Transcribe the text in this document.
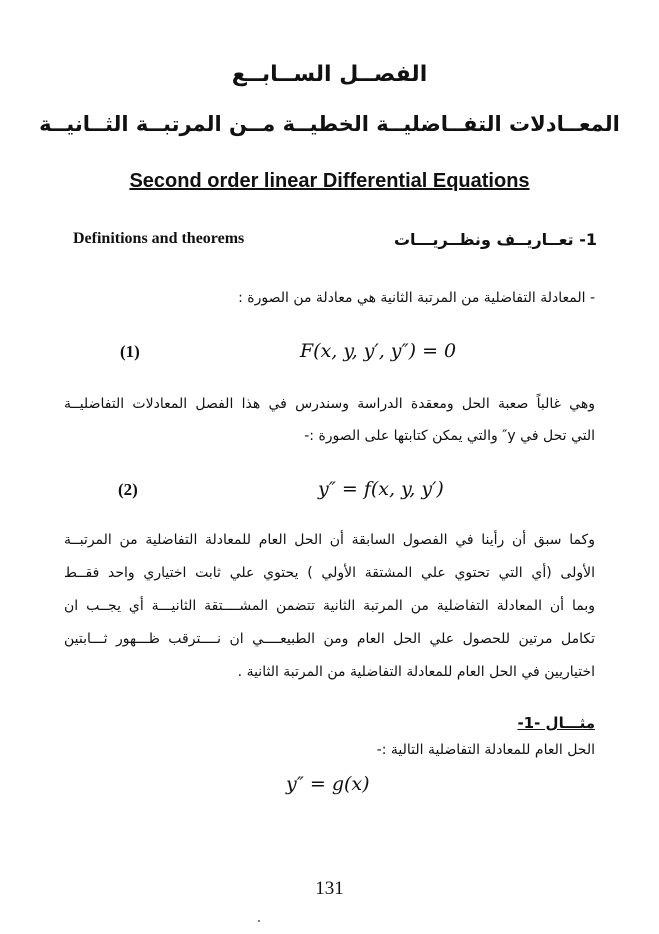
الفصــل الســابــع
المعــادلات التفــاضليــة الخطيــة مــن المرتبــة الثــانيــة
Second order linear Differential Equations
Definitions and theorems	1- تعــاريــف ونظــريـــات
- المعادلة التفاضلية من المرتبة الثانية هي معادلة من الصورة :
(1)	F(x, y, y′, y″) = 0
وهي غالباً صعبة الحل ومعقدة الدراسة وسندرس في هذا الفصل المعادلات التفاضليــة
التي تحل في y″ والتي يمكن كتابتها على الصورة :-
(2)	y″ = f(x, y, y′)
وكما سبق أن رأينا في الفصول السابقة أن الحل العام للمعادلة التفاضلية من المرتبــة
الأولى (أي التي تحتوي علي المشتقة الأولي ) يحتوي علي ثابت اختياري واحد فقــط
وبما أن المعادلة التفاضلية من المرتبة الثانية تتضمن المشــــتقة الثانيـــة أي يجــب ان
تكامل مرتين للحصول علي الحل العام ومن الطبيعــــي ان نــــترقب ظـــهور ثـــابتين
اختياريين في الحل العام للمعادلة التفاضلية من المرتبة الثانية .
مثـــال -1-
الحل العام للمعادلة التفاضلية التالية :-
y″ = g(x)
131
